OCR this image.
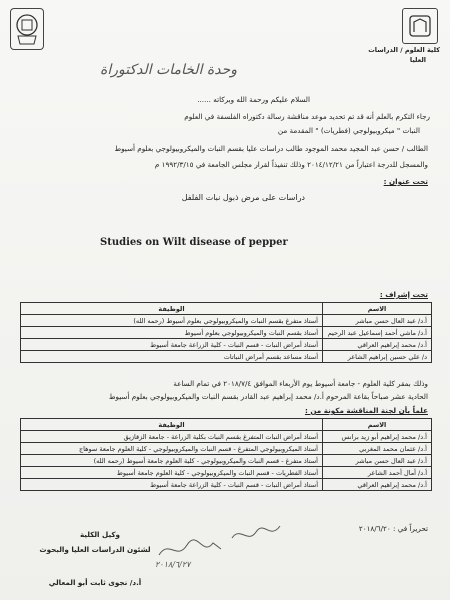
كلية العلوم / الدراسات
العليا
وحدة الخامات الدكتوراة
السلام عليكم ورحمة الله وبركاته ......
رجاء التكرم بالعلم أنه قد تم تحديد موعد مناقشة رسالة دكتوراه الفلسفة في العلوم
النبات " ميكروبيولوجي (فطريات) " المقدمة من
الطالب / حسن عبد المجيد محمد الموجود طالب دراسات عليا بقسم النبات والميكروبيولوجي بعلوم أسيوط
والمسجل للدرجة اعتباراً من ٢٠١٤/١٢/٢١ وذلك تنفيذاً لقرار مجلس الجامعة في ١٩٩٢/٣/١٥ م
تحت عنوان :
دراسات على مرض ذبول نبات الفلفل
Studies on Wilt disease of pepper
تحت إشراف :
الاسم	الوظيفة
أ.د/ عبد العال حسن مباشر	أستاذ متفرغ بقسم النبات والميكروبيولوجي بعلوم أسيوط (رحمه الله)
أ.د/ ماشي أحمد إسماعيل عبد الرحيم	أستاذ بقسم النبات والميكروبيولوجي بعلوم أسيوط
أ.د/ محمد إبراهيم العراقي	أستاذ أمراض النبات - قسم النبات - كلية الزراعة جامعة أسيوط
د/ علي حسين إبراهيم الشاعر	أستاذ مساعد بقسم أمراض النباتات
وذلك بمقر كلية العلوم - جامعة أسيوط يوم الأربعاء الموافق ٢٠١٨/٧/٤ في تمام الساعة
الحادية عشر صباحاً بقاعة المرحوم أ.د/ محمد إبراهيم عبد القادر بقسم النبات والميكروبيولوجي بعلوم أسيوط
علماً بأن لجنة المناقشة مكونة من :
الاسم	الوظيفة
أ.د/ محمد إبراهيم أبو زيد برانس	أستاذ أمراض النبات المتفرغ بقسم النبات بكلية الزراعة - جامعة الزقازيق
أ.د/ عثمان محمد المغربي	أستاذ الميكروبيولوجي المتفرغ - قسم النبات والميكروبيولوجي - كلية العلوم جامعة سوهاج
أ.د/ عبد العال حسن مباشر	أستاذ متفرغ - قسم النبات والميكروبيولوجي - كلية العلوم جامعة أسيوط (رحمه الله)
أ.د/ أمال أحمد الشاعر	أستاذ الفطريات - قسم النبات والميكروبيولوجي - كلية العلوم جامعة أسيوط
أ.د/ محمد إبراهيم العراقي	أستاذ أمراض النبات - قسم النبات - كلية الزراعة جامعة أسيوط
تحريراً في : ٢٠١٨/٦/٢٠
وكيل الكلية
لشئون الدراسات العليا والبحوث
أ.د/ نجوى ثابت أبو المعالي
٢٠١٨/٦/٢٧
